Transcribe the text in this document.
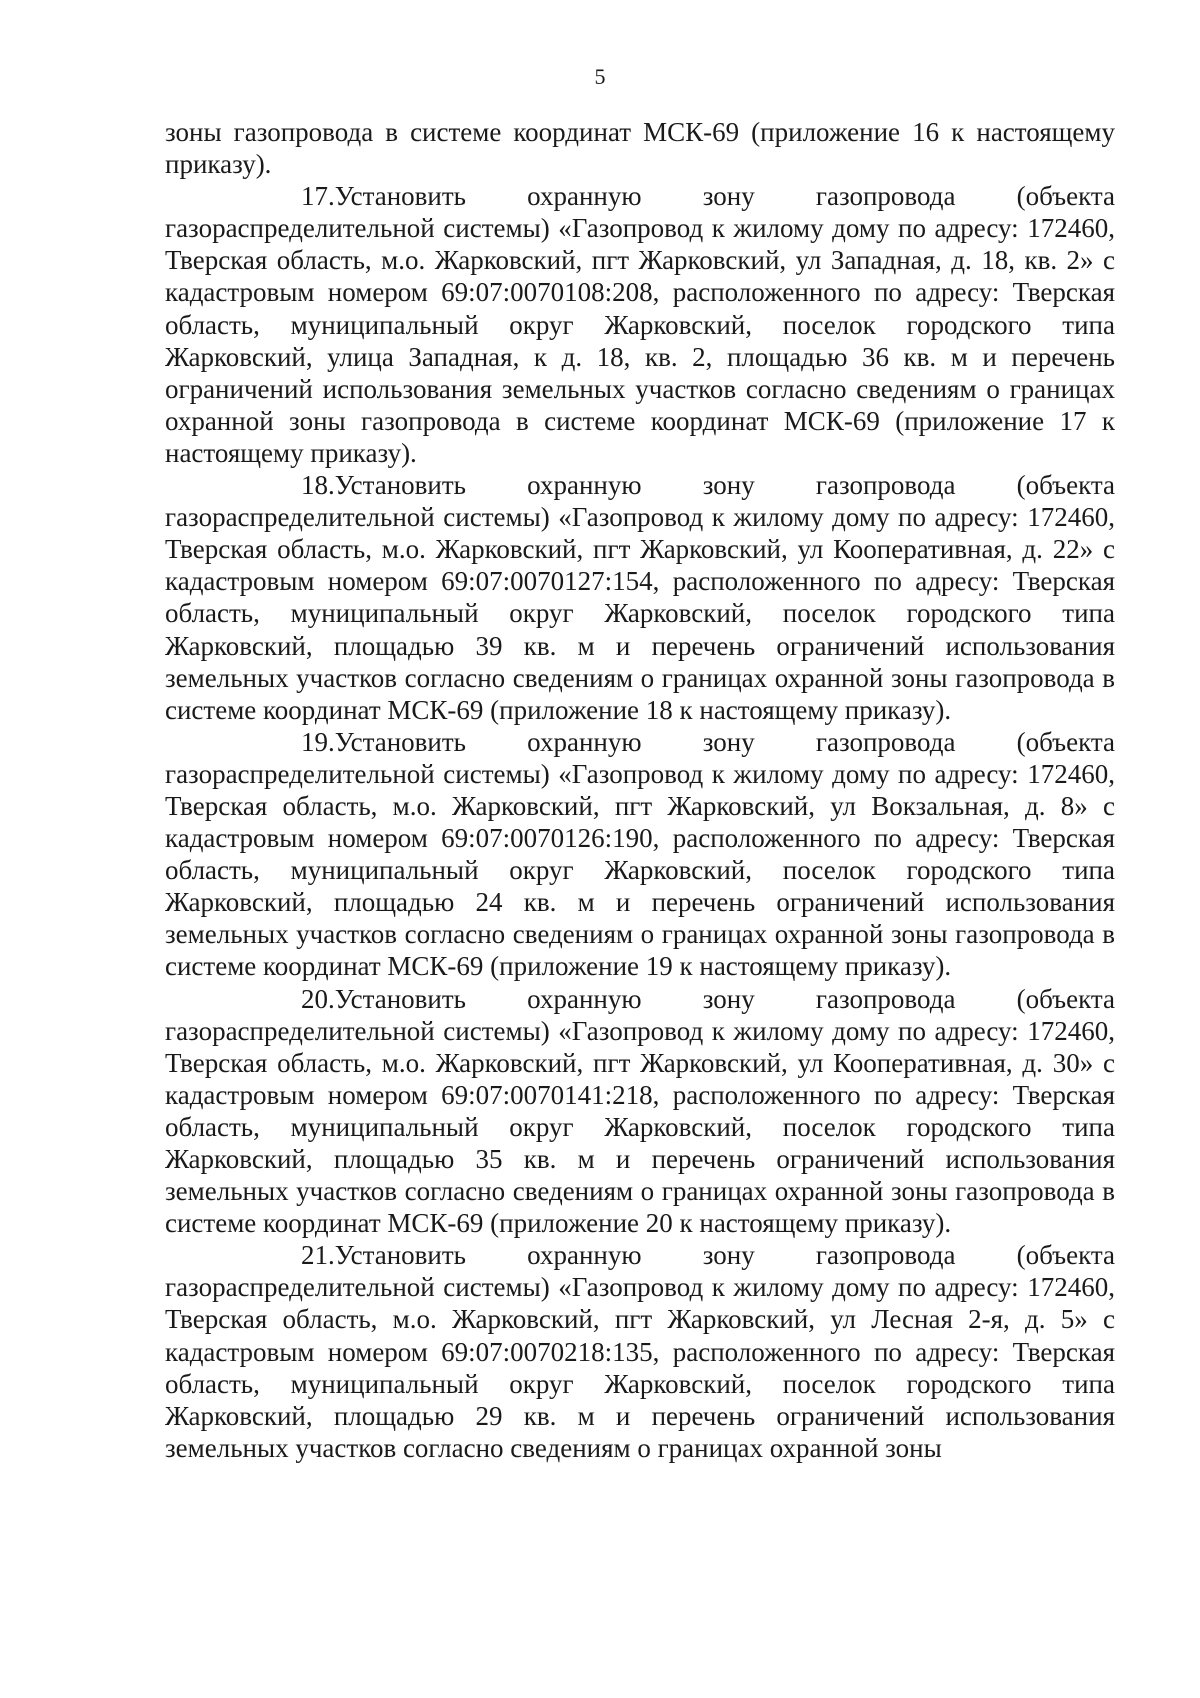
5

зоны газопровода в системе координат МСК-69 (приложение 16 к настоящему приказу).

17.Установить охранную зону газопровода (объекта газораспределительной системы) «Газопровод к жилому дому по адресу: 172460, Тверская область, м.о. Жарковский, пгт Жарковский, ул Западная, д. 18, кв. 2» с кадастровым номером 69:07:0070108:208, расположенного по адресу: Тверская область, муниципальный округ Жарковский, поселок городского типа Жарковский, улица Западная, к д. 18, кв. 2, площадью 36 кв. м и перечень ограничений использования земельных участков согласно сведениям о границах охранной зоны газопровода в системе координат МСК-69 (приложение 17 к настоящему приказу).

18.Установить охранную зону газопровода (объекта газораспределительной системы) «Газопровод к жилому дому по адресу: 172460, Тверская область, м.о. Жарковский, пгт Жарковский, ул Кооперативная, д. 22» с кадастровым номером 69:07:0070127:154, расположенного по адресу: Тверская область, муниципальный округ Жарковский, поселок городского типа Жарковский, площадью 39 кв. м и перечень ограничений использования земельных участков согласно сведениям о границах охранной зоны газопровода в системе координат МСК-69 (приложение 18 к настоящему приказу).

19.Установить охранную зону газопровода (объекта газораспределительной системы) «Газопровод к жилому дому по адресу: 172460, Тверская область, м.о. Жарковский, пгт Жарковский, ул Вокзальная, д. 8» с кадастровым номером 69:07:0070126:190, расположенного по адресу: Тверская область, муниципальный округ Жарковский, поселок городского типа Жарковский, площадью 24 кв. м и перечень ограничений использования земельных участков согласно сведениям о границах охранной зоны газопровода в системе координат МСК-69 (приложение 19 к настоящему приказу).

20.Установить охранную зону газопровода (объекта газораспределительной системы) «Газопровод к жилому дому по адресу: 172460, Тверская область, м.о. Жарковский, пгт Жарковский, ул Кооперативная, д. 30» с кадастровым номером 69:07:0070141:218, расположенного по адресу: Тверская область, муниципальный округ Жарковский, поселок городского типа Жарковский, площадью 35 кв. м и перечень ограничений использования земельных участков согласно сведениям о границах охранной зоны газопровода в системе координат МСК-69 (приложение 20 к настоящему приказу).

21.Установить охранную зону газопровода (объекта газораспределительной системы) «Газопровод к жилому дому по адресу: 172460, Тверская область, м.о. Жарковский, пгт Жарковский, ул Лесная 2-я, д. 5» с кадастровым номером 69:07:0070218:135, расположенного по адресу: Тверская область, муниципальный округ Жарковский, поселок городского типа Жарковский, площадью 29 кв. м и перечень ограничений использования земельных участков согласно сведениям о границах охранной зоны
